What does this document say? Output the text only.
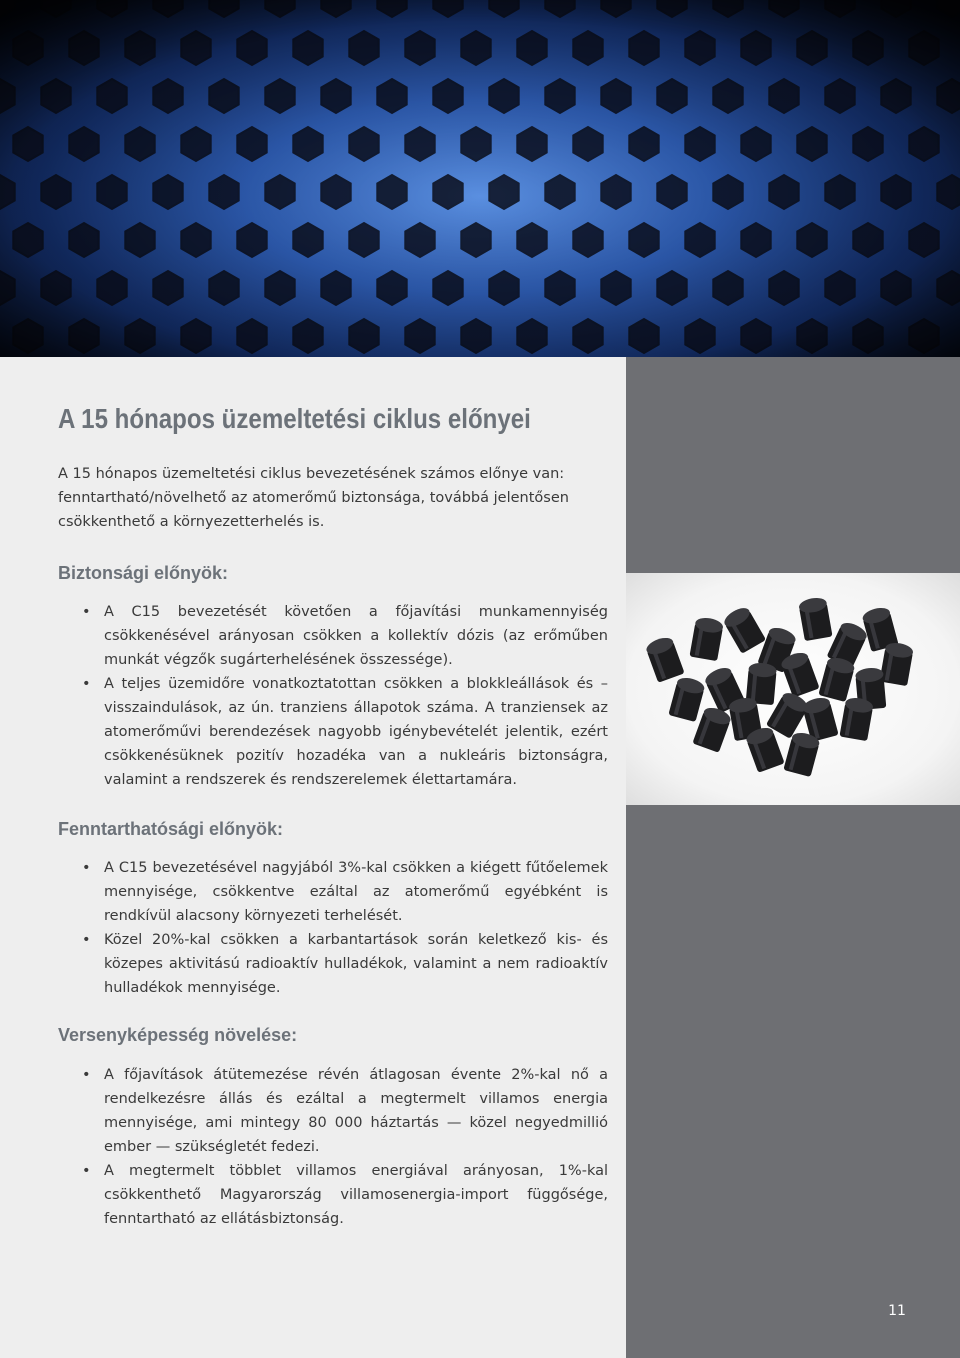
A 15 hónapos üzemeltetési ciklus előnyei

A 15 hónapos üzemeltetési ciklus bevezetésének számos előnye van: fenntartható/növelhető az atomerőmű biztonsága, továbbá jelentősen csökkenthető a környezetterhelés is.

Biztonsági előnyök:
• A C15 bevezetését követően a főjavítási munkamennyiség csökkenésével arányosan csökken a kollektív dózis (az erőműben munkát végzők sugárterhelésének összessége).
• A teljes üzemidőre vonatkoztatottan csökken a blokkleállások és –visszaindulások, az ún. tranziens állapotok száma. A tranziensek az atomerőművi berendezések nagyobb igénybevételét jelentik, ezért csökkenésüknek pozitív hozadéka van a nukleáris biztonságra, valamint a rendszerek és rendszerelemek élettartamára.
Fenntarthatósági előnyök:
• A C15 bevezetésével nagyjából 3%-kal csökken a kiégett fűtőelemek mennyisége, csökkentve ezáltal az atomerőmű egyébként is rendkívül alacsony környezeti terhelését.
• Közel 20%-kal csökken a karbantartások során keletkező kis- és közepes aktivitású radioaktív hulladékok, valamint a nem radioaktív hulladékok mennyisége.
Versenyképesség növelése:
• A főjavítások átütemezése révén átlagosan évente 2%-kal nő a rendelkezésre állás és ezáltal a megtermelt villamos energia mennyisége, ami mintegy 80 000 háztartás — közel negyedmillió ember — szükségletét fedezi.
• A megtermelt többlet villamos energiával arányosan, 1%-kal csökkenthető Magyarország villamosenergia-import függősége, fenntartható az ellátásbiztonság.
11
